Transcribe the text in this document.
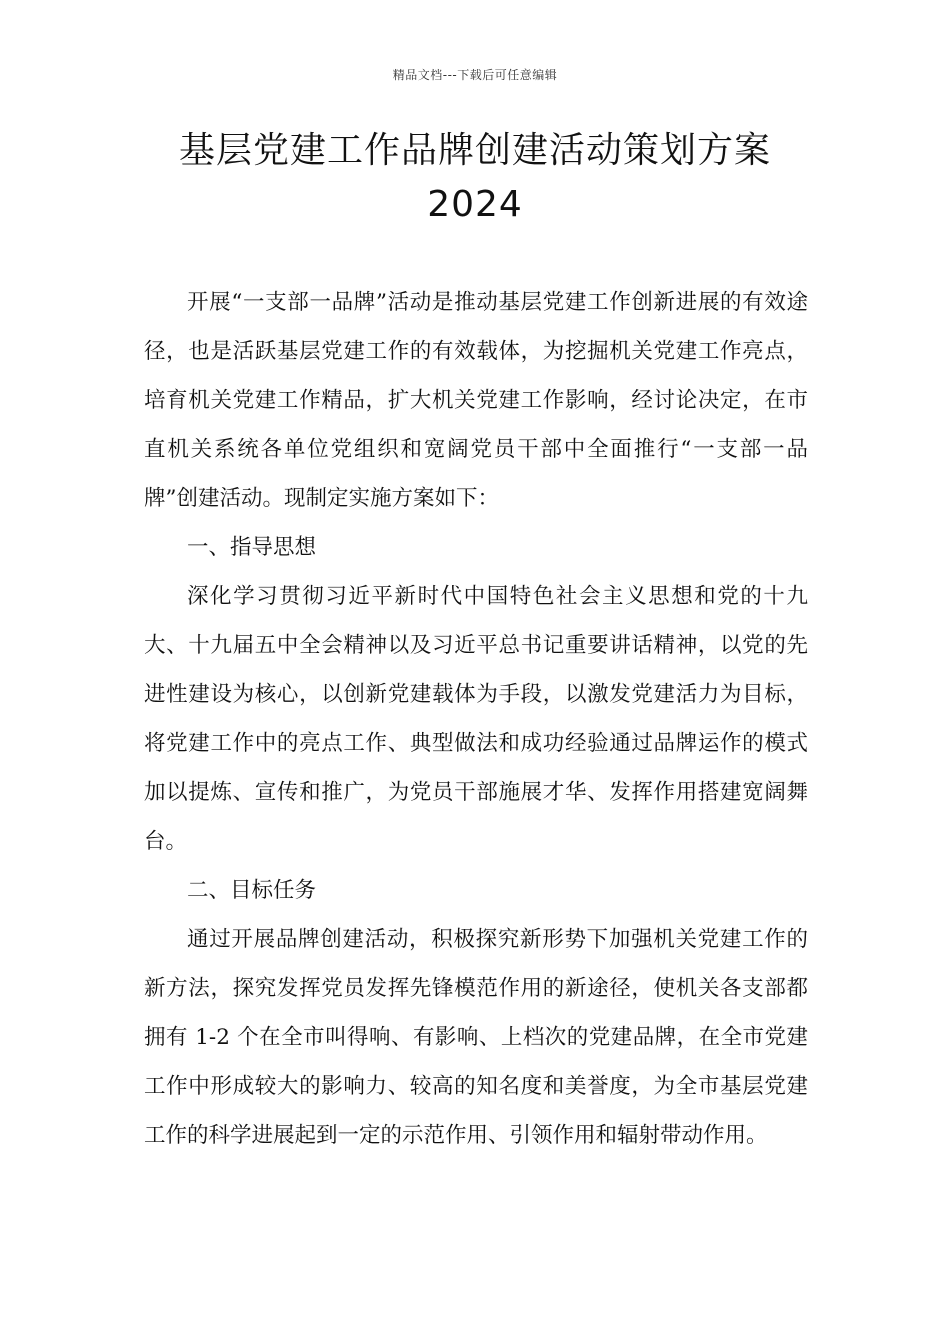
精品文档---下载后可任意编辑
基层党建工作品牌创建活动策划方案
2024

开展“一支部一品牌”活动是推动基层党建工作创新进展的有效途径，也是活跃基层党建工作的有效载体，为挖掘机关党建工作亮点，培育机关党建工作精品，扩大机关党建工作影响，经讨论决定，在市直机关系统各单位党组织和宽阔党员干部中全面推行“一支部一品牌”创建活动。现制定实施方案如下：

一、指导思想

深化学习贯彻习近平新时代中国特色社会主义思想和党的十九大、十九届五中全会精神以及习近平总书记重要讲话精神，以党的先进性建设为核心，以创新党建载体为手段，以激发党建活力为目标，将党建工作中的亮点工作、典型做法和成功经验通过品牌运作的模式加以提炼、宣传和推广，为党员干部施展才华、发挥作用搭建宽阔舞台。

二、目标任务

通过开展品牌创建活动，积极探究新形势下加强机关党建工作的新方法，探究发挥党员发挥先锋模范作用的新途径，使机关各支部都拥有 1-2 个在全市叫得响、有影响、上档次的党建品牌，在全市党建工作中形成较大的影响力、较高的知名度和美誉度，为全市基层党建工作的科学进展起到一定的示范作用、引领作用和辐射带动作用。
